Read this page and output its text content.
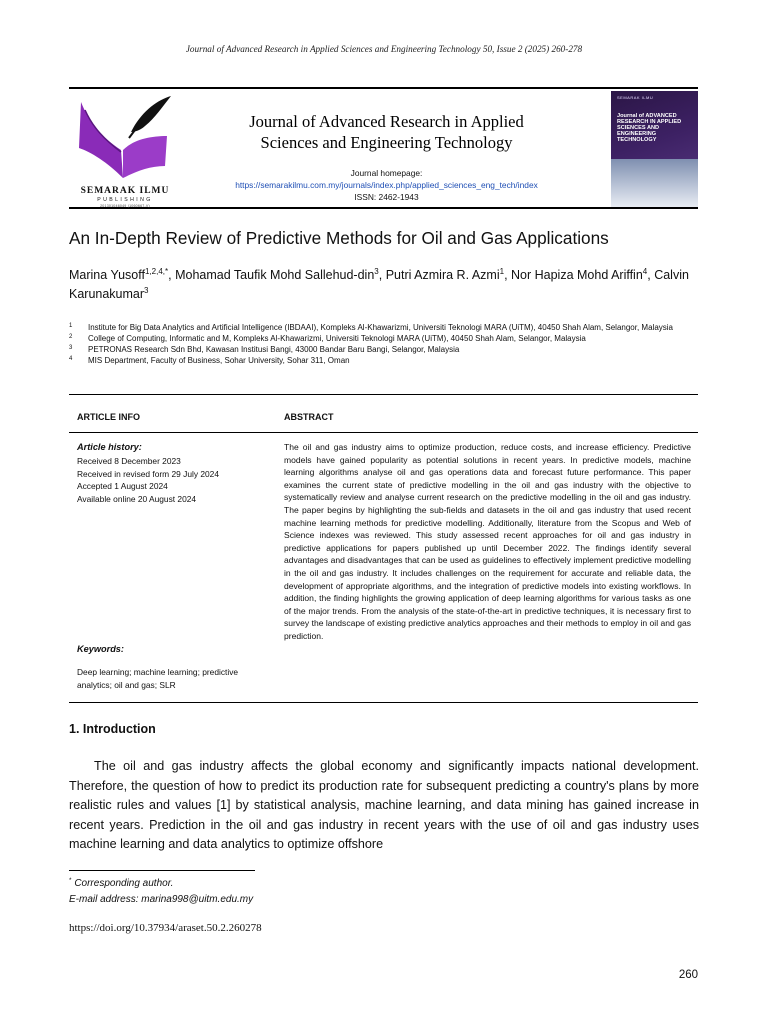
Journal of Advanced Research in Applied Sciences and Engineering Technology 50, Issue 2 (2025) 260-278
SEMARAK ILMU
PUBLISHING
201301046049 (1060667-V)
Journal of Advanced Research in Applied
Sciences and Engineering Technology
Journal homepage:
https://semarakilmu.com.my/journals/index.php/applied_sciences_eng_tech/index
ISSN: 2462-1943
SEMARAK ILMU
Journal of ADVANCED RESEARCH IN APPLIED SCIENCES AND ENGINEERING TECHNOLOGY
An In-Depth Review of Predictive Methods for Oil and Gas Applications
Marina Yusoff$^{1,2,4,*}$, Mohamad Taufik Mohd Sallehud-din$^3$, Putri Azmira R. Azmi$^1$, Nor Hapiza Mohd Ariffin$^4$, Calvin Karunakumar$^3$
1 Institute for Big Data Analytics and Artificial Intelligence (IBDAAI), Kompleks Al-Khawarizmi, Universiti Teknologi MARA (UiTM), 40450 Shah Alam, Selangor, Malaysia
2 College of Computing, Informatic and M, Kompleks Al-Khawarizmi, Universiti Teknologi MARA (UiTM), 40450 Shah Alam, Selangor, Malaysia
3 PETRONAS Research Sdn Bhd, Kawasan Institusi Bangi, 43000 Bandar Baru Bangi, Selangor, Malaysia
4 MIS Department, Faculty of Business, Sohar University, Sohar 311, Oman
ARTICLE INFO	ABSTRACT
Article history:
Received 8 December 2023
Received in revised form 29 July 2024
Accepted 1 August 2024
Available online 20 August 2024
Keywords:
Deep learning; machine learning; predictive analytics; oil and gas; SLR
The oil and gas industry aims to optimize production, reduce costs, and increase efficiency. Predictive models have gained popularity as potential solutions in recent years. In predictive models, machine learning algorithms analyse oil and gas operations data and forecast future performance. This paper examines the current state of predictive modelling in the oil and gas industry with the objective to systematically review and analyse current research on the predictive modelling in the oil and gas industry. The paper begins by highlighting the sub-fields and datasets in the oil and gas industry that used recent machine learning methods for predictive modelling. Additionally, literature from the Scopus and Web of Science indexes was reviewed. This study assessed recent approaches for oil and gas industry in predictive applications for papers published up until December 2022. The findings identify several advantages and disadvantages that can be used as guidelines to effectively implement predictive modelling in the oil and gas industry. It includes challenges on the requirement for accurate and reliable data, the development of appropriate algorithms, and the integration of predictive models into existing workflows. In addition, the finding highlights the growing application of deep learning algorithms for various tasks as one of the major trends. From the analysis of the state-of-the-art in predictive techniques, it is necessary first to survey the landscape of existing predictive analytics approaches and their methods to employ in oil and gas prediction.
1. Introduction
The oil and gas industry affects the global economy and significantly impacts national development. Therefore, the question of how to predict its production rate for subsequent predicting a country's plans by more realistic rules and values [1] by statistical analysis, machine learning, and data mining has gained increase in recent years. Prediction in the oil and gas industry in recent years with the use of oil and gas industry uses machine learning and data analytics to optimize offshore
* Corresponding author.
E-mail address: marina998@uitm.edu.my
https://doi.org/10.37934/araset.50.2.260278
260
